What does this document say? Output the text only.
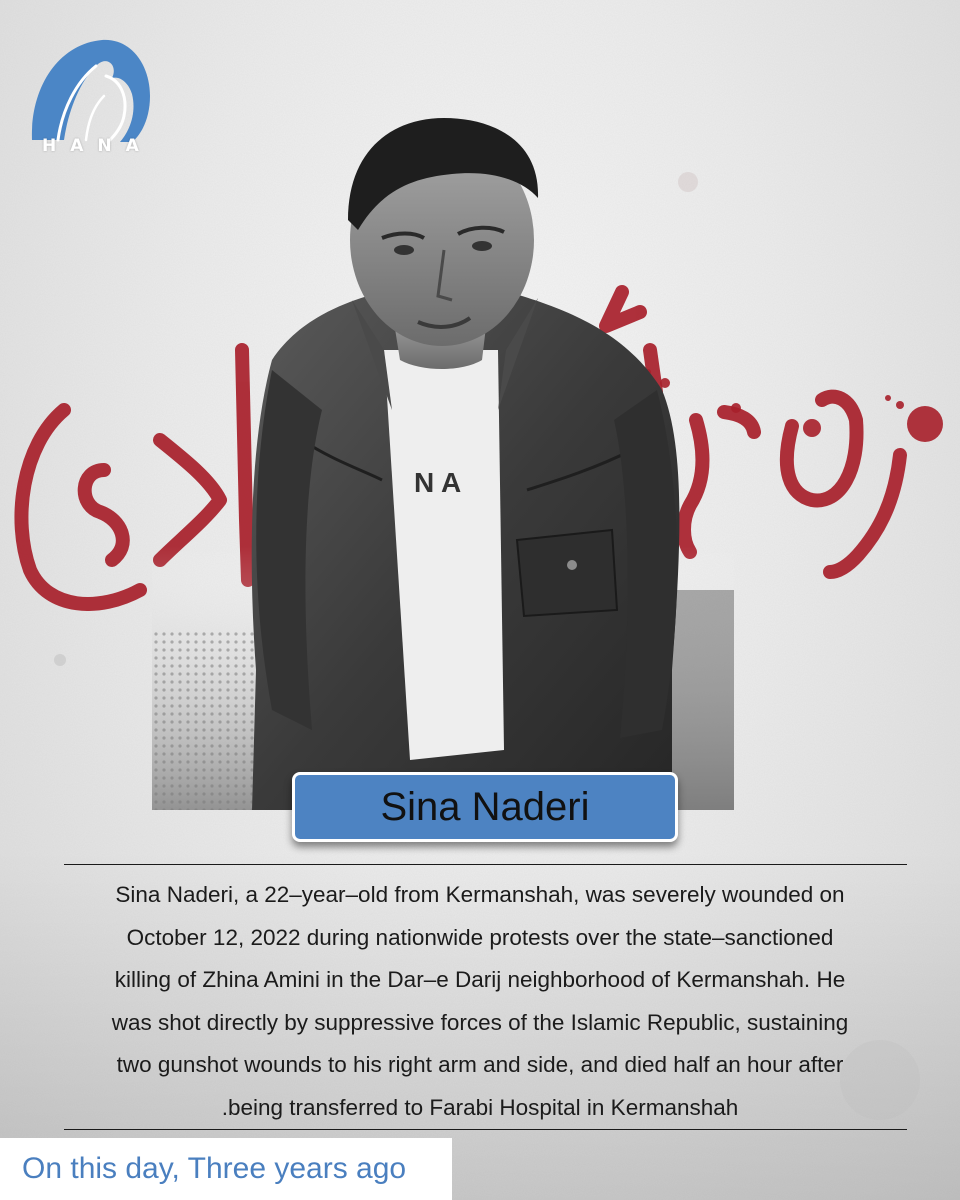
HANA
N A
Sina Naderi

Sina Naderi, a 22–year–old from Kermanshah, was severely wounded on
October 12, 2022 during nationwide protests over the state–sanctioned
killing of Zhina Amini in the Dar–e Darij neighborhood of Kermanshah. He
was shot directly by suppressive forces of the Islamic Republic, sustaining
two gunshot wounds to his right arm and side, and died half an hour after
.being transferred to Farabi Hospital in Kermanshah

On this day, Three years ago
